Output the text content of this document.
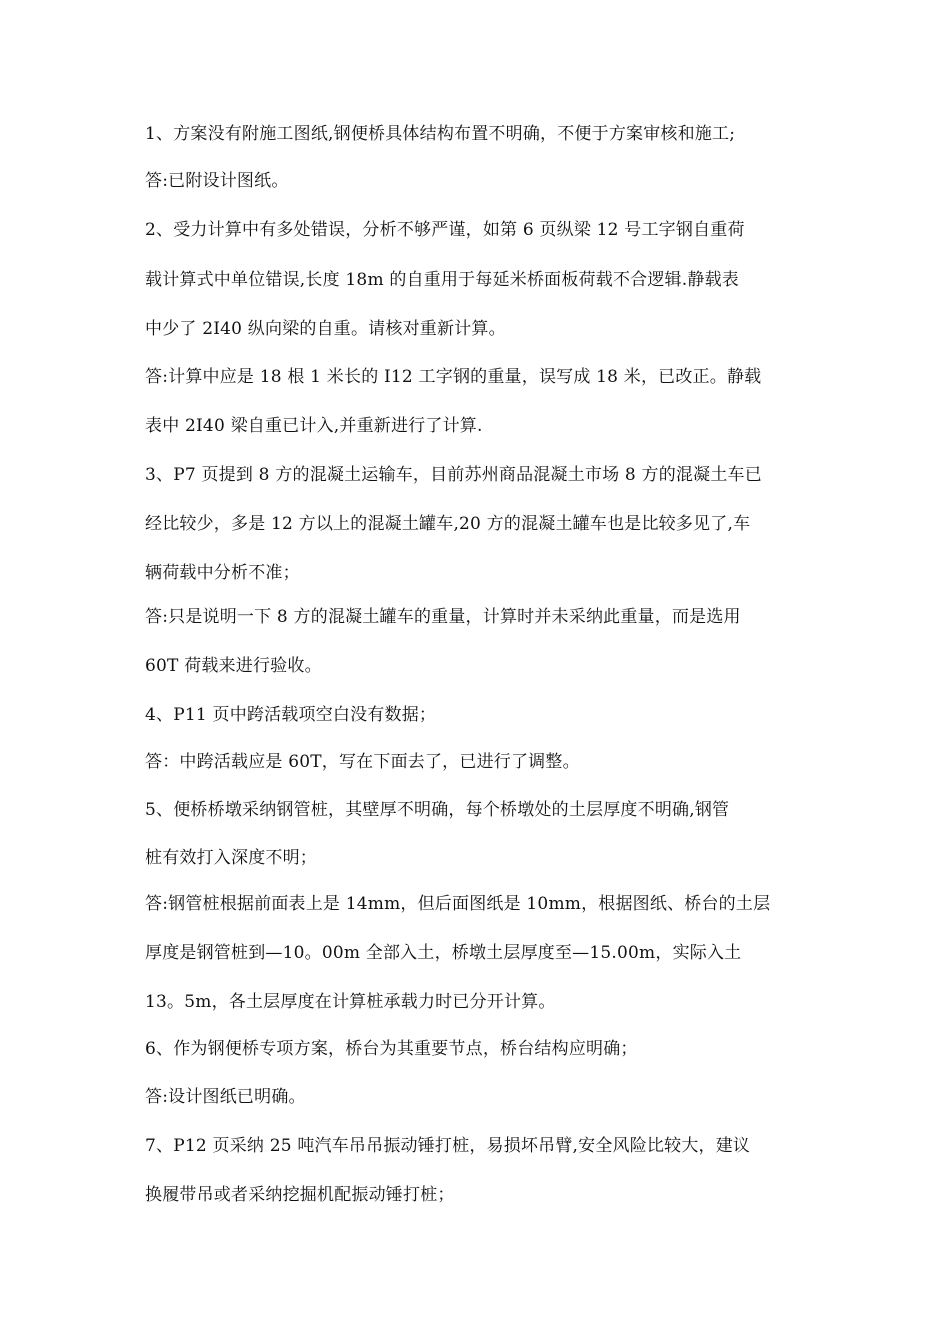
1、方案没有附施工图纸,钢便桥具体结构布置不明确，不便于方案审核和施工;

答:已附设计图纸。

2、受力计算中有多处错误，分析不够严谨，如第 6 页纵梁 12 号工字钢自重荷

载计算式中单位错误,长度 18m 的自重用于每延米桥面板荷载不合逻辑.静载表

中少了 2I40 纵向梁的自重。请核对重新计算。

答:计算中应是 18 根 1 米长的 I12 工字钢的重量，误写成 18 米，已改正。静载

表中 2I40 梁自重已计入,并重新进行了计算.

3、P7 页提到 8 方的混凝土运输车，目前苏州商品混凝土市场 8 方的混凝土车已

经比较少，多是 12 方以上的混凝土罐车,20 方的混凝土罐车也是比较多见了,车

辆荷载中分析不准；

答:只是说明一下 8 方的混凝土罐车的重量，计算时并未采纳此重量，而是选用

60T 荷载来进行验收。

4、P11 页中跨活载项空白没有数据；

答：中跨活载应是 60T，写在下面去了，已进行了调整。

5、便桥桥墩采纳钢管桩，其壁厚不明确，每个桥墩处的土层厚度不明确,钢管

桩有效打入深度不明；

答:钢管桩根据前面表上是 14mm，但后面图纸是 10mm，根据图纸、桥台的土层

厚度是钢管桩到—10。00m 全部入土，桥墩土层厚度至—15.00m，实际入土

13。5m，各土层厚度在计算桩承载力时已分开计算。

6、作为钢便桥专项方案，桥台为其重要节点，桥台结构应明确；

答:设计图纸已明确。

7、P12 页采纳 25 吨汽车吊吊振动锤打桩，易损坏吊臂,安全风险比较大，建议

换履带吊或者采纳挖掘机配振动锤打桩；
